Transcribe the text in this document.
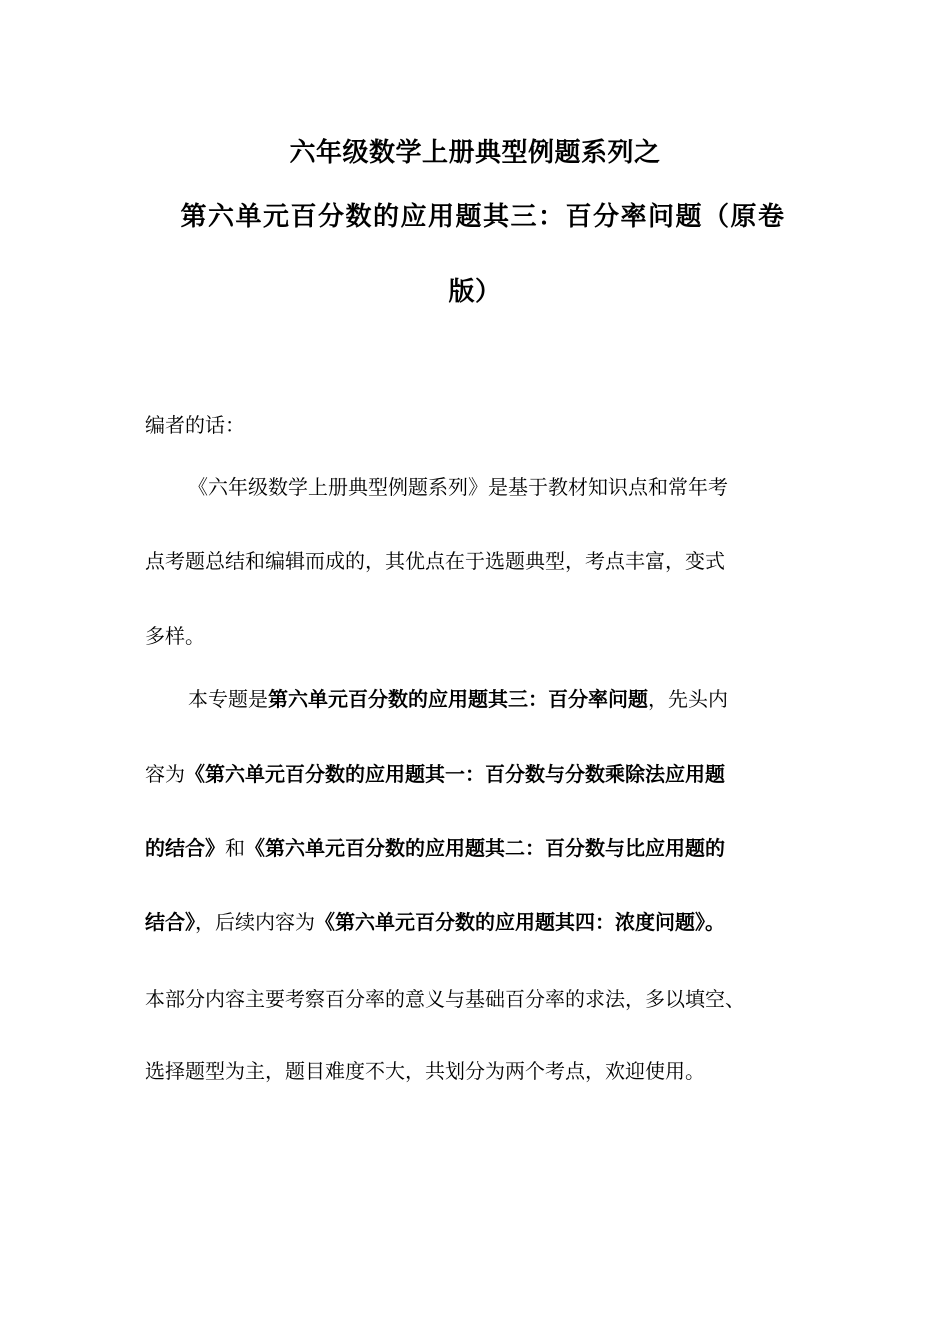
六年级数学上册典型例题系列之
第六单元百分数的应用题其三：百分率问题（原卷
版）
编者的话：
《六年级数学上册典型例题系列》是基于教材知识点和常年考
点考题总结和编辑而成的，其优点在于选题典型，考点丰富，变式
多样。
本专题是第六单元百分数的应用题其三：百分率问题，先头内
容为《第六单元百分数的应用题其一：百分数与分数乘除法应用题
的结合》和《第六单元百分数的应用题其二：百分数与比应用题的
结合》，后续内容为《第六单元百分数的应用题其四：浓度问题》。
本部分内容主要考察百分率的意义与基础百分率的求法，多以填空、
选择题型为主，题目难度不大，共划分为两个考点，欢迎使用。
